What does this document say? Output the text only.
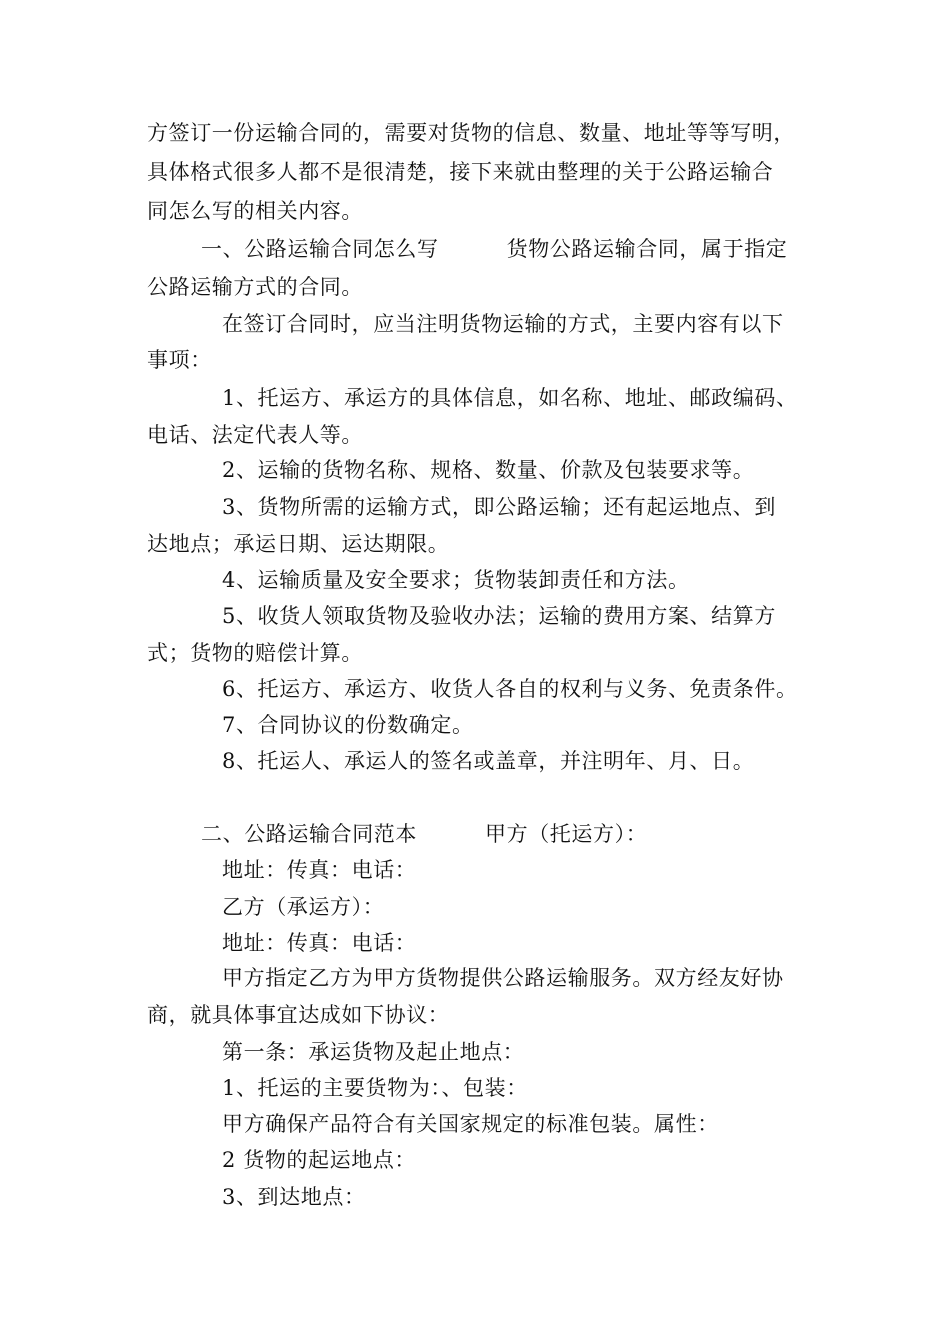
方签订一份运输合同的，需要对货物的信息、数量、地址等等写明，
具体格式很多人都不是很清楚，接下来就由整理的关于公路运输合
同怎么写的相关内容。
一、公路运输合同怎么写	货物公路运输合同，属于指定
公路运输方式的合同。
在签订合同时，应当注明货物运输的方式，主要内容有以下
事项：
1、托运方、承运方的具体信息，如名称、地址、邮政编码、
电话、法定代表人等。
2、运输的货物名称、规格、数量、价款及包装要求等。
3、货物所需的运输方式，即公路运输；还有起运地点、到
达地点；承运日期、运达期限。
4、运输质量及安全要求；货物装卸责任和方法。
5、收货人领取货物及验收办法；运输的费用方案、结算方
式；货物的赔偿计算。
6、托运方、承运方、收货人各自的权利与义务、免责条件。
7、合同协议的份数确定。
8、托运人、承运人的签名或盖章，并注明年、月、日。
二、公路运输合同范本	甲方（托运方）：
地址：传真：电话：
乙方（承运方）：
地址：传真：电话：
甲方指定乙方为甲方货物提供公路运输服务。双方经友好协
商，就具体事宜达成如下协议：
第一条：承运货物及起止地点：
1、托运的主要货物为：、包装：
甲方确保产品符合有关国家规定的标准包装。属性：
2 货物的起运地点：
3、到达地点：
